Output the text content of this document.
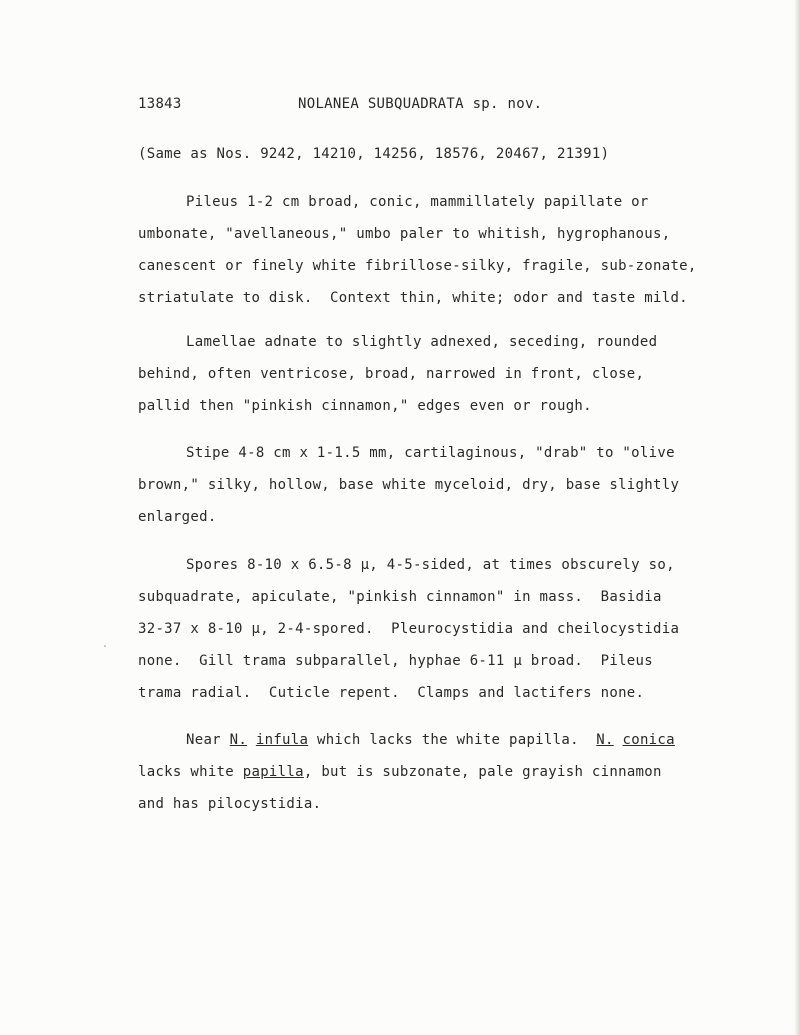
13843	NOLANEA SUBQUADRATA sp. nov.
(Same as Nos. 9242, 14210, 14256, 18576, 20467, 21391)
Pileus 1-2 cm broad, conic, mammillately papillate or
umbonate, "avellaneous," umbo paler to whitish, hygrophanous,
canescent or finely white fibrillose-silky, fragile, sub-zonate,
striatulate to disk.  Context thin, white; odor and taste mild.
Lamellae adnate to slightly adnexed, seceding, rounded
behind, often ventricose, broad, narrowed in front, close,
pallid then "pinkish cinnamon," edges even or rough.
Stipe 4-8 cm x 1-1.5 mm, cartilaginous, "drab" to "olive
brown," silky, hollow, base white myceloid, dry, base slightly
enlarged.
Spores 8-10 x 6.5-8 μ, 4-5-sided, at times obscurely so,
subquadrate, apiculate, "pinkish cinnamon" in mass.  Basidia
32-37 x 8-10 μ, 2-4-spored.  Pleurocystidia and cheilocystidia
none.  Gill trama subparallel, hyphae 6-11 μ broad.  Pileus
trama radial.  Cuticle repent.  Clamps and lactifers none.
Near N. infula which lacks the white papilla.  N. conica
lacks white papilla, but is subzonate, pale grayish cinnamon
and has pilocystidia.
